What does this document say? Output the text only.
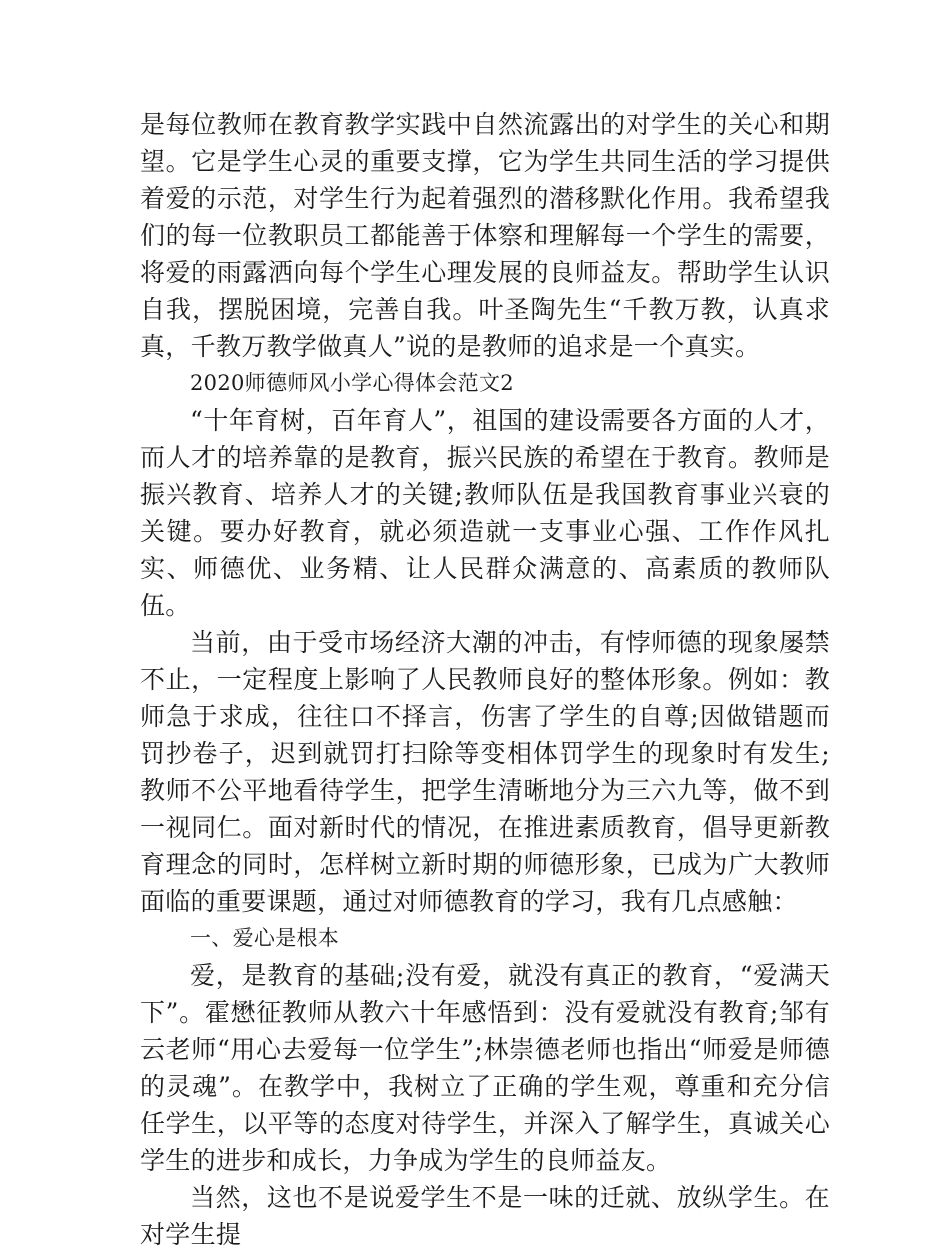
是每位教师在教育教学实践中自然流露出的对学生的关心和期望。它是学生心灵的重要支撑，它为学生共同生活的学习提供着爱的示范，对学生行为起着强烈的潜移默化作用。我希望我们的每一位教职员工都能善于体察和理解每一个学生的需要，将爱的雨露洒向每个学生心理发展的良师益友。帮助学生认识自我，摆脱困境，完善自我。叶圣陶先生“千教万教，认真求真，千教万教学做真人”说的是教师的追求是一个真实。

2020师德师风小学心得体会范文2

“十年育树，百年育人”，祖国的建设需要各方面的人才，而人才的培养靠的是教育，振兴民族的希望在于教育。教师是振兴教育、培养人才的关键;教师队伍是我国教育事业兴衰的关键。要办好教育，就必须造就一支事业心强、工作作风扎实、师德优、业务精、让人民群众满意的、高素质的教师队伍。

当前，由于受市场经济大潮的冲击，有悖师德的现象屡禁不止，一定程度上影响了人民教师良好的整体形象。例如：教师急于求成，往往口不择言，伤害了学生的自尊;因做错题而罚抄卷子，迟到就罚打扫除等变相体罚学生的现象时有发生;教师不公平地看待学生，把学生清晰地分为三六九等，做不到一视同仁。面对新时代的情况，在推进素质教育，倡导更新教育理念的同时，怎样树立新时期的师德形象，已成为广大教师面临的重要课题，通过对师德教育的学习，我有几点感触：

一、爱心是根本

爱，是教育的基础;没有爱，就没有真正的教育，“爱满天下”。霍懋征教师从教六十年感悟到：没有爱就没有教育;邹有云老师“用心去爱每一位学生”;林崇德老师也指出“师爱是师德的灵魂”。在教学中，我树立了正确的学生观，尊重和充分信任学生，以平等的态度对待学生，并深入了解学生，真诚关心学生的进步和成长，力争成为学生的良师益友。

当然，这也不是说爱学生不是一味的迁就、放纵学生。在对学生提
